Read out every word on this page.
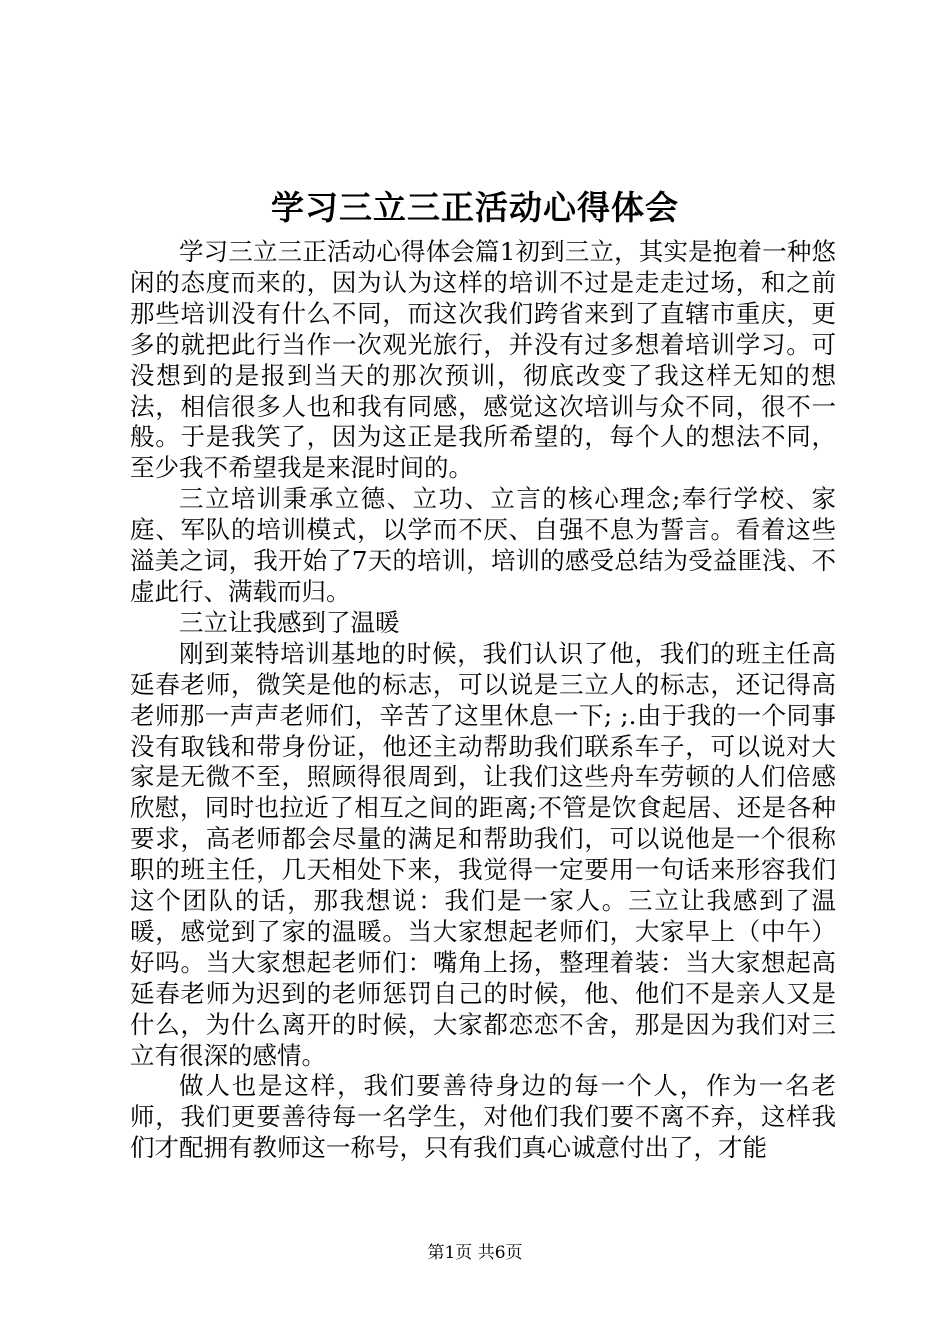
学习三立三正活动心得体会

学习三立三正活动心得体会篇1初到三立，其实是抱着一种悠闲的态度而来的，因为认为这样的培训不过是走走过场，和之前那些培训没有什么不同，而这次我们跨省来到了直辖市重庆，更多的就把此行当作一次观光旅行，并没有过多想着培训学习。可没想到的是报到当天的那次预训，彻底改变了我这样无知的想法，相信很多人也和我有同感，感觉这次培训与众不同，很不一般。于是我笑了，因为这正是我所希望的，每个人的想法不同，至少我不希望我是来混时间的。

三立培训秉承立德、立功、立言的核心理念;奉行学校、家庭、军队的培训模式，以学而不厌、自强不息为誓言。看着这些溢美之词，我开始了7天的培训，培训的感受总结为受益匪浅、不虚此行、满载而归。

三立让我感到了温暖

刚到莱特培训基地的时候，我们认识了他，我们的班主任高延春老师，微笑是他的标志，可以说是三立人的标志，还记得高老师那一声声老师们，辛苦了这里休息一下; ;.由于我的一个同事没有取钱和带身份证，他还主动帮助我们联系车子，可以说对大家是无微不至，照顾得很周到，让我们这些舟车劳顿的人们倍感欣慰，同时也拉近了相互之间的距离;不管是饮食起居、还是各种要求，高老师都会尽量的满足和帮助我们，可以说他是一个很称职的班主任，几天相处下来，我觉得一定要用一句话来形容我们这个团队的话，那我想说：我们是一家人。三立让我感到了温暖，感觉到了家的温暖。当大家想起老师们，大家早上（中午）好吗。当大家想起老师们：嘴角上扬，整理着装：当大家想起高延春老师为迟到的老师惩罚自己的时候，他、他们不是亲人又是什么，为什么离开的时候，大家都恋恋不舍，那是因为我们对三立有很深的感情。

做人也是这样，我们要善待身边的每一个人，作为一名老师，我们更要善待每一名学生，对他们我们要不离不弃，这样我们才配拥有教师这一称号，只有我们真心诚意付出了，才能

第1页 共6页
